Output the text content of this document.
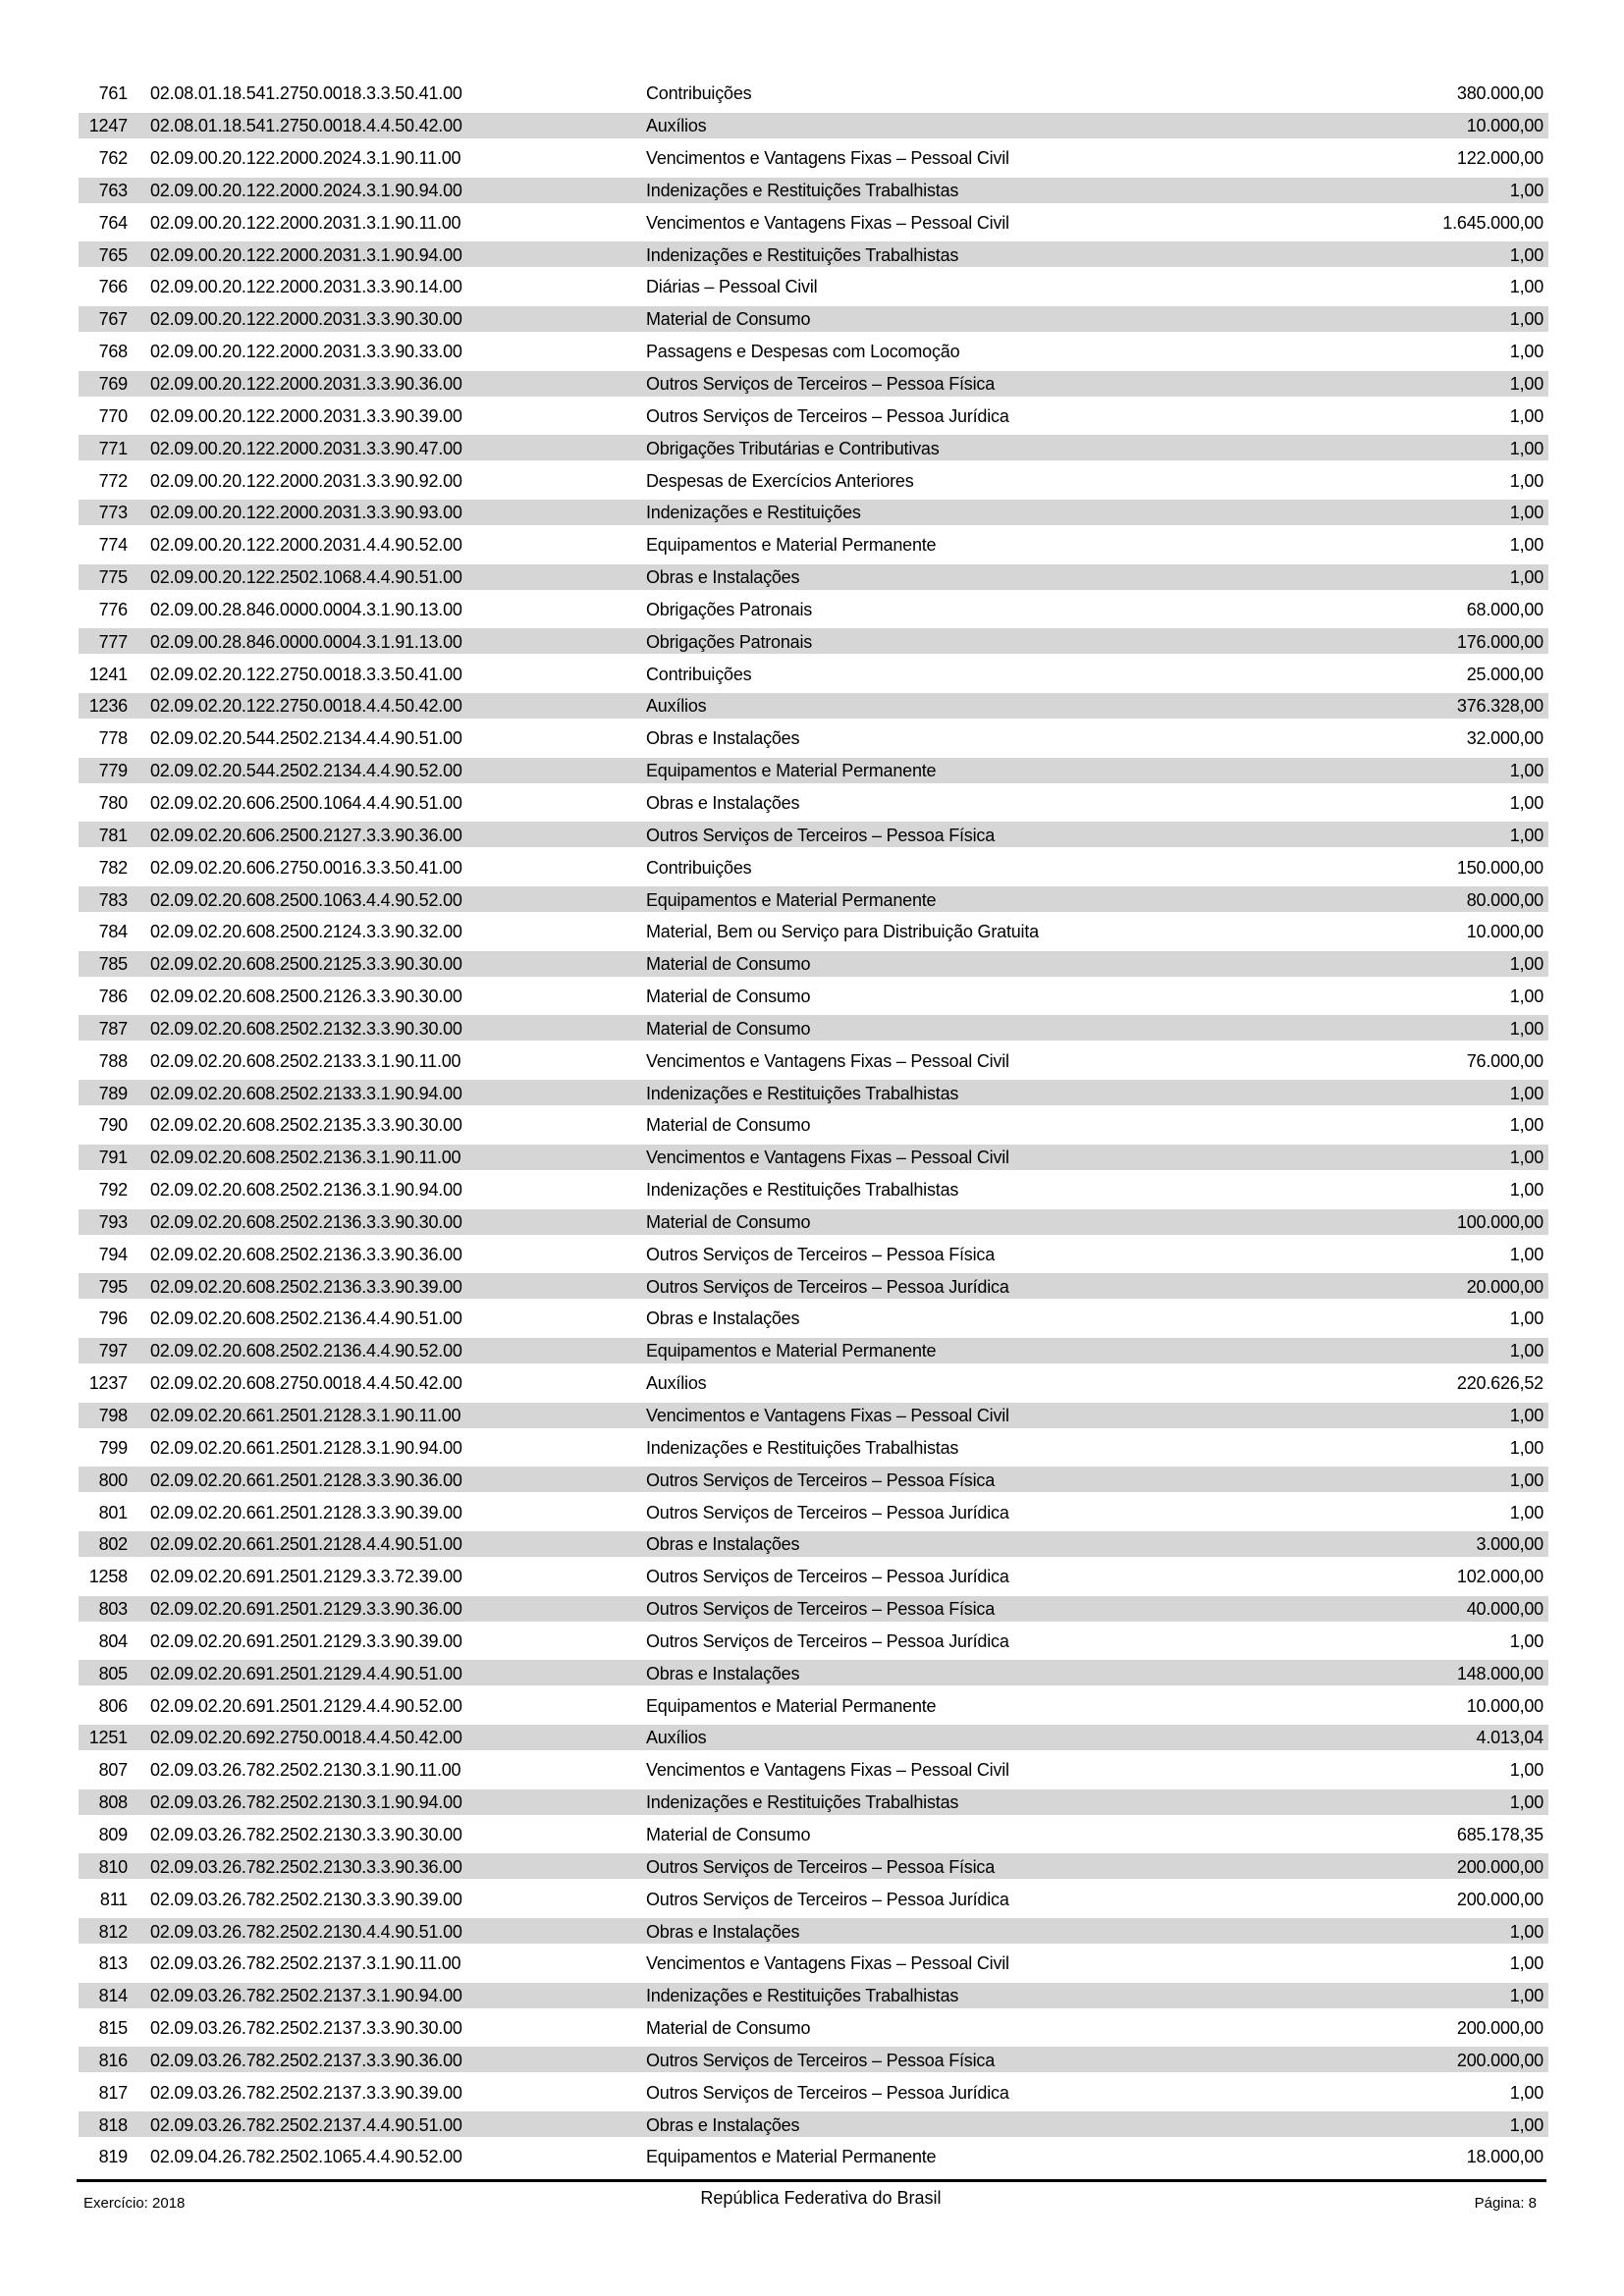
761 02.08.01.18.541.2750.0018.3.3.50.41.00	Contribuições	380.000,00
1247 02.08.01.18.541.2750.0018.4.4.50.42.00	Auxílios	10.000,00
762 02.09.00.20.122.2000.2024.3.1.90.11.00	Vencimentos e Vantagens Fixas – Pessoal Civil	122.000,00
763 02.09.00.20.122.2000.2024.3.1.90.94.00	Indenizações e Restituições Trabalhistas	1,00
764 02.09.00.20.122.2000.2031.3.1.90.11.00	Vencimentos e Vantagens Fixas – Pessoal Civil	1.645.000,00
765 02.09.00.20.122.2000.2031.3.1.90.94.00	Indenizações e Restituições Trabalhistas	1,00
766 02.09.00.20.122.2000.2031.3.3.90.14.00	Diárias – Pessoal Civil	1,00
767 02.09.00.20.122.2000.2031.3.3.90.30.00	Material de Consumo	1,00
768 02.09.00.20.122.2000.2031.3.3.90.33.00	Passagens e Despesas com Locomoção	1,00
769 02.09.00.20.122.2000.2031.3.3.90.36.00	Outros Serviços de Terceiros – Pessoa Física	1,00
770 02.09.00.20.122.2000.2031.3.3.90.39.00	Outros Serviços de Terceiros – Pessoa Jurídica	1,00
771 02.09.00.20.122.2000.2031.3.3.90.47.00	Obrigações Tributárias e Contributivas	1,00
772 02.09.00.20.122.2000.2031.3.3.90.92.00	Despesas de Exercícios Anteriores	1,00
773 02.09.00.20.122.2000.2031.3.3.90.93.00	Indenizações e Restituições	1,00
774 02.09.00.20.122.2000.2031.4.4.90.52.00	Equipamentos e Material Permanente	1,00
775 02.09.00.20.122.2502.1068.4.4.90.51.00	Obras e Instalações	1,00
776 02.09.00.28.846.0000.0004.3.1.90.13.00	Obrigações Patronais	68.000,00
777 02.09.00.28.846.0000.0004.3.1.91.13.00	Obrigações Patronais	176.000,00
1241 02.09.02.20.122.2750.0018.3.3.50.41.00	Contribuições	25.000,00
1236 02.09.02.20.122.2750.0018.4.4.50.42.00	Auxílios	376.328,00
778 02.09.02.20.544.2502.2134.4.4.90.51.00	Obras e Instalações	32.000,00
779 02.09.02.20.544.2502.2134.4.4.90.52.00	Equipamentos e Material Permanente	1,00
780 02.09.02.20.606.2500.1064.4.4.90.51.00	Obras e Instalações	1,00
781 02.09.02.20.606.2500.2127.3.3.90.36.00	Outros Serviços de Terceiros – Pessoa Física	1,00
782 02.09.02.20.606.2750.0016.3.3.50.41.00	Contribuições	150.000,00
783 02.09.02.20.608.2500.1063.4.4.90.52.00	Equipamentos e Material Permanente	80.000,00
784 02.09.02.20.608.2500.2124.3.3.90.32.00	Material, Bem ou Serviço para Distribuição Gratuita	10.000,00
785 02.09.02.20.608.2500.2125.3.3.90.30.00	Material de Consumo	1,00
786 02.09.02.20.608.2500.2126.3.3.90.30.00	Material de Consumo	1,00
787 02.09.02.20.608.2502.2132.3.3.90.30.00	Material de Consumo	1,00
788 02.09.02.20.608.2502.2133.3.1.90.11.00	Vencimentos e Vantagens Fixas – Pessoal Civil	76.000,00
789 02.09.02.20.608.2502.2133.3.1.90.94.00	Indenizações e Restituições Trabalhistas	1,00
790 02.09.02.20.608.2502.2135.3.3.90.30.00	Material de Consumo	1,00
791 02.09.02.20.608.2502.2136.3.1.90.11.00	Vencimentos e Vantagens Fixas – Pessoal Civil	1,00
792 02.09.02.20.608.2502.2136.3.1.90.94.00	Indenizações e Restituições Trabalhistas	1,00
793 02.09.02.20.608.2502.2136.3.3.90.30.00	Material de Consumo	100.000,00
794 02.09.02.20.608.2502.2136.3.3.90.36.00	Outros Serviços de Terceiros – Pessoa Física	1,00
795 02.09.02.20.608.2502.2136.3.3.90.39.00	Outros Serviços de Terceiros – Pessoa Jurídica	20.000,00
796 02.09.02.20.608.2502.2136.4.4.90.51.00	Obras e Instalações	1,00
797 02.09.02.20.608.2502.2136.4.4.90.52.00	Equipamentos e Material Permanente	1,00
1237 02.09.02.20.608.2750.0018.4.4.50.42.00	Auxílios	220.626,52
798 02.09.02.20.661.2501.2128.3.1.90.11.00	Vencimentos e Vantagens Fixas – Pessoal Civil	1,00
799 02.09.02.20.661.2501.2128.3.1.90.94.00	Indenizações e Restituições Trabalhistas	1,00
800 02.09.02.20.661.2501.2128.3.3.90.36.00	Outros Serviços de Terceiros – Pessoa Física	1,00
801 02.09.02.20.661.2501.2128.3.3.90.39.00	Outros Serviços de Terceiros – Pessoa Jurídica	1,00
802 02.09.02.20.661.2501.2128.4.4.90.51.00	Obras e Instalações	3.000,00
1258 02.09.02.20.691.2501.2129.3.3.72.39.00	Outros Serviços de Terceiros – Pessoa Jurídica	102.000,00
803 02.09.02.20.691.2501.2129.3.3.90.36.00	Outros Serviços de Terceiros – Pessoa Física	40.000,00
804 02.09.02.20.691.2501.2129.3.3.90.39.00	Outros Serviços de Terceiros – Pessoa Jurídica	1,00
805 02.09.02.20.691.2501.2129.4.4.90.51.00	Obras e Instalações	148.000,00
806 02.09.02.20.691.2501.2129.4.4.90.52.00	Equipamentos e Material Permanente	10.000,00
1251 02.09.02.20.692.2750.0018.4.4.50.42.00	Auxílios	4.013,04
807 02.09.03.26.782.2502.2130.3.1.90.11.00	Vencimentos e Vantagens Fixas – Pessoal Civil	1,00
808 02.09.03.26.782.2502.2130.3.1.90.94.00	Indenizações e Restituições Trabalhistas	1,00
809 02.09.03.26.782.2502.2130.3.3.90.30.00	Material de Consumo	685.178,35
810 02.09.03.26.782.2502.2130.3.3.90.36.00	Outros Serviços de Terceiros – Pessoa Física	200.000,00
811 02.09.03.26.782.2502.2130.3.3.90.39.00	Outros Serviços de Terceiros – Pessoa Jurídica	200.000,00
812 02.09.03.26.782.2502.2130.4.4.90.51.00	Obras e Instalações	1,00
813 02.09.03.26.782.2502.2137.3.1.90.11.00	Vencimentos e Vantagens Fixas – Pessoal Civil	1,00
814 02.09.03.26.782.2502.2137.3.1.90.94.00	Indenizações e Restituições Trabalhistas	1,00
815 02.09.03.26.782.2502.2137.3.3.90.30.00	Material de Consumo	200.000,00
816 02.09.03.26.782.2502.2137.3.3.90.36.00	Outros Serviços de Terceiros – Pessoa Física	200.000,00
817 02.09.03.26.782.2502.2137.3.3.90.39.00	Outros Serviços de Terceiros – Pessoa Jurídica	1,00
818 02.09.03.26.782.2502.2137.4.4.90.51.00	Obras e Instalações	1,00
819 02.09.04.26.782.2502.1065.4.4.90.52.00	Equipamentos e Material Permanente	18.000,00
Exercício: 2018	República Federativa do Brasil	Página: 8
